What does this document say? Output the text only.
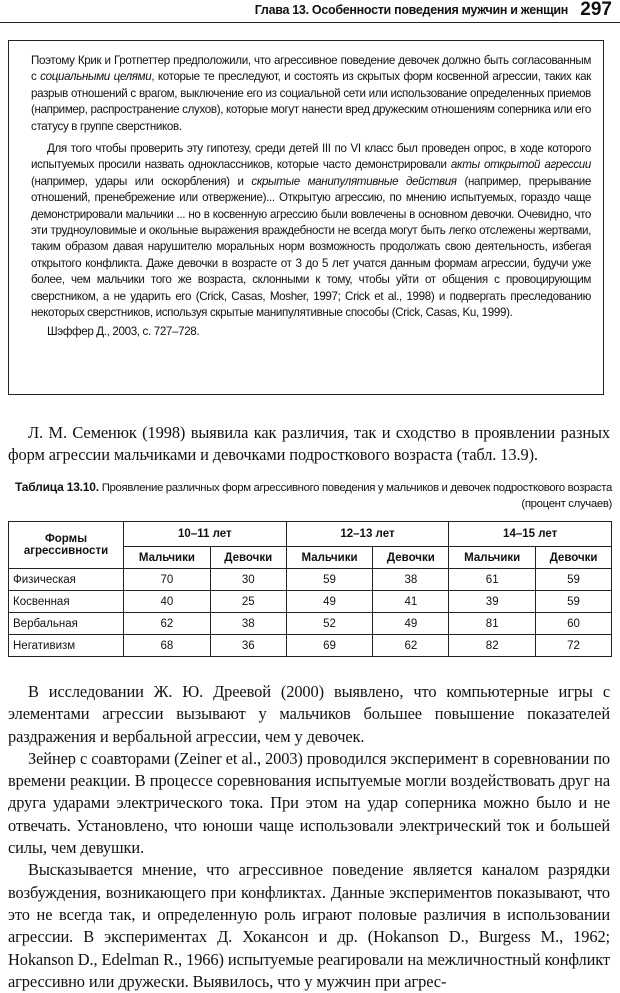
Глава 13. Особенности поведения мужчин и женщин 297

Поэтому Крик и Гротпеттер предположили, что агрессивное поведение девочек должно быть согласованным с социальными целями, которые те преследуют, и состоять из скрытых форм косвенной агрессии, таких как разрыв отношений с врагом, выключение его из социальной сети или использование определенных приемов (например, распространение слухов), которые могут нанести вред дружеским отношениям соперника или его статусу в группе сверстников.

Для того чтобы проверить эту гипотезу, среди детей III по VI класс был проведен опрос, в ходе которого испытуемых просили назвать одноклассников, которые часто демонстрировали акты открытой агрессии (например, удары или оскорбления) и скрытые манипулятивные действия (например, прерывание отношений, пренебрежение или отвержение)... Открытую агрессию, по мнению испытуемых, гораздо чаще демонстрировали мальчики ... но в косвенную агрессию были вовлечены в основном девочки. Очевидно, что эти трудноуловимые и окольные выражения враждебности не всегда могут быть легко отслежены жертвами, таким образом давая нарушителю моральных норм возможность продолжать свою деятельность, избегая открытого конфликта. Даже девочки в возрасте от 3 до 5 лет учатся данным формам агрессии, будучи уже более, чем мальчики того же возраста, склонными к тому, чтобы уйти от общения с провоцирующим сверстником, а не ударить его (Crick, Casas, Mosher, 1997; Crick et al., 1998) и подвергать преследованию некоторых сверстников, используя скрытые манипулятивные способы (Crick, Casas, Ku, 1999).

Шэффер Д., 2003, с. 727–728.

Л. М. Семенюк (1998) выявила как различия, так и сходство в проявлении разных форм агрессии мальчиками и девочками подросткового возраста (табл. 13.9).

Таблица 13.10. Проявление различных форм агрессивного поведения у мальчиков и девочек подросткового возраста (процент случаев)
Формы агрессивности	10–11 лет		12–13 лет		14–15 лет	
	Мальчики	Девочки	Мальчики	Девочки	Мальчики	Девочки
Физическая	70	30	59	38	61	59
Косвенная	40	25	49	41	39	59
Вербальная	62	38	52	49	81	60
Негативизм	68	36	69	62	82	72

В исследовании Ж. Ю. Дреевой (2000) выявлено, что компьютерные игры с элементами агрессии вызывают у мальчиков большее повышение показателей раздражения и вербальной агрессии, чем у девочек.

Зейнер с соавторами (Zeiner et al., 2003) проводился эксперимент в соревновании по времени реакции. В процессе соревнования испытуемые могли воздействовать друг на друга ударами электрического тока. При этом на удар соперника можно было и не отвечать. Установлено, что юноши чаще использовали электрический ток и большей силы, чем девушки.

Высказывается мнение, что агрессивное поведение является каналом разрядки возбуждения, возникающего при конфликтах. Данные экспериментов показывают, что это не всегда так, и определенную роль играют половые различия в использовании агрессии. В экспериментах Д. Хокансон и др. (Hokanson D., Burgess M., 1962; Hokanson D., Edelman R., 1966) испытуемые реагировали на межличностный конфликт агрессивно или дружески. Выявилось, что у мужчин при агрес-
